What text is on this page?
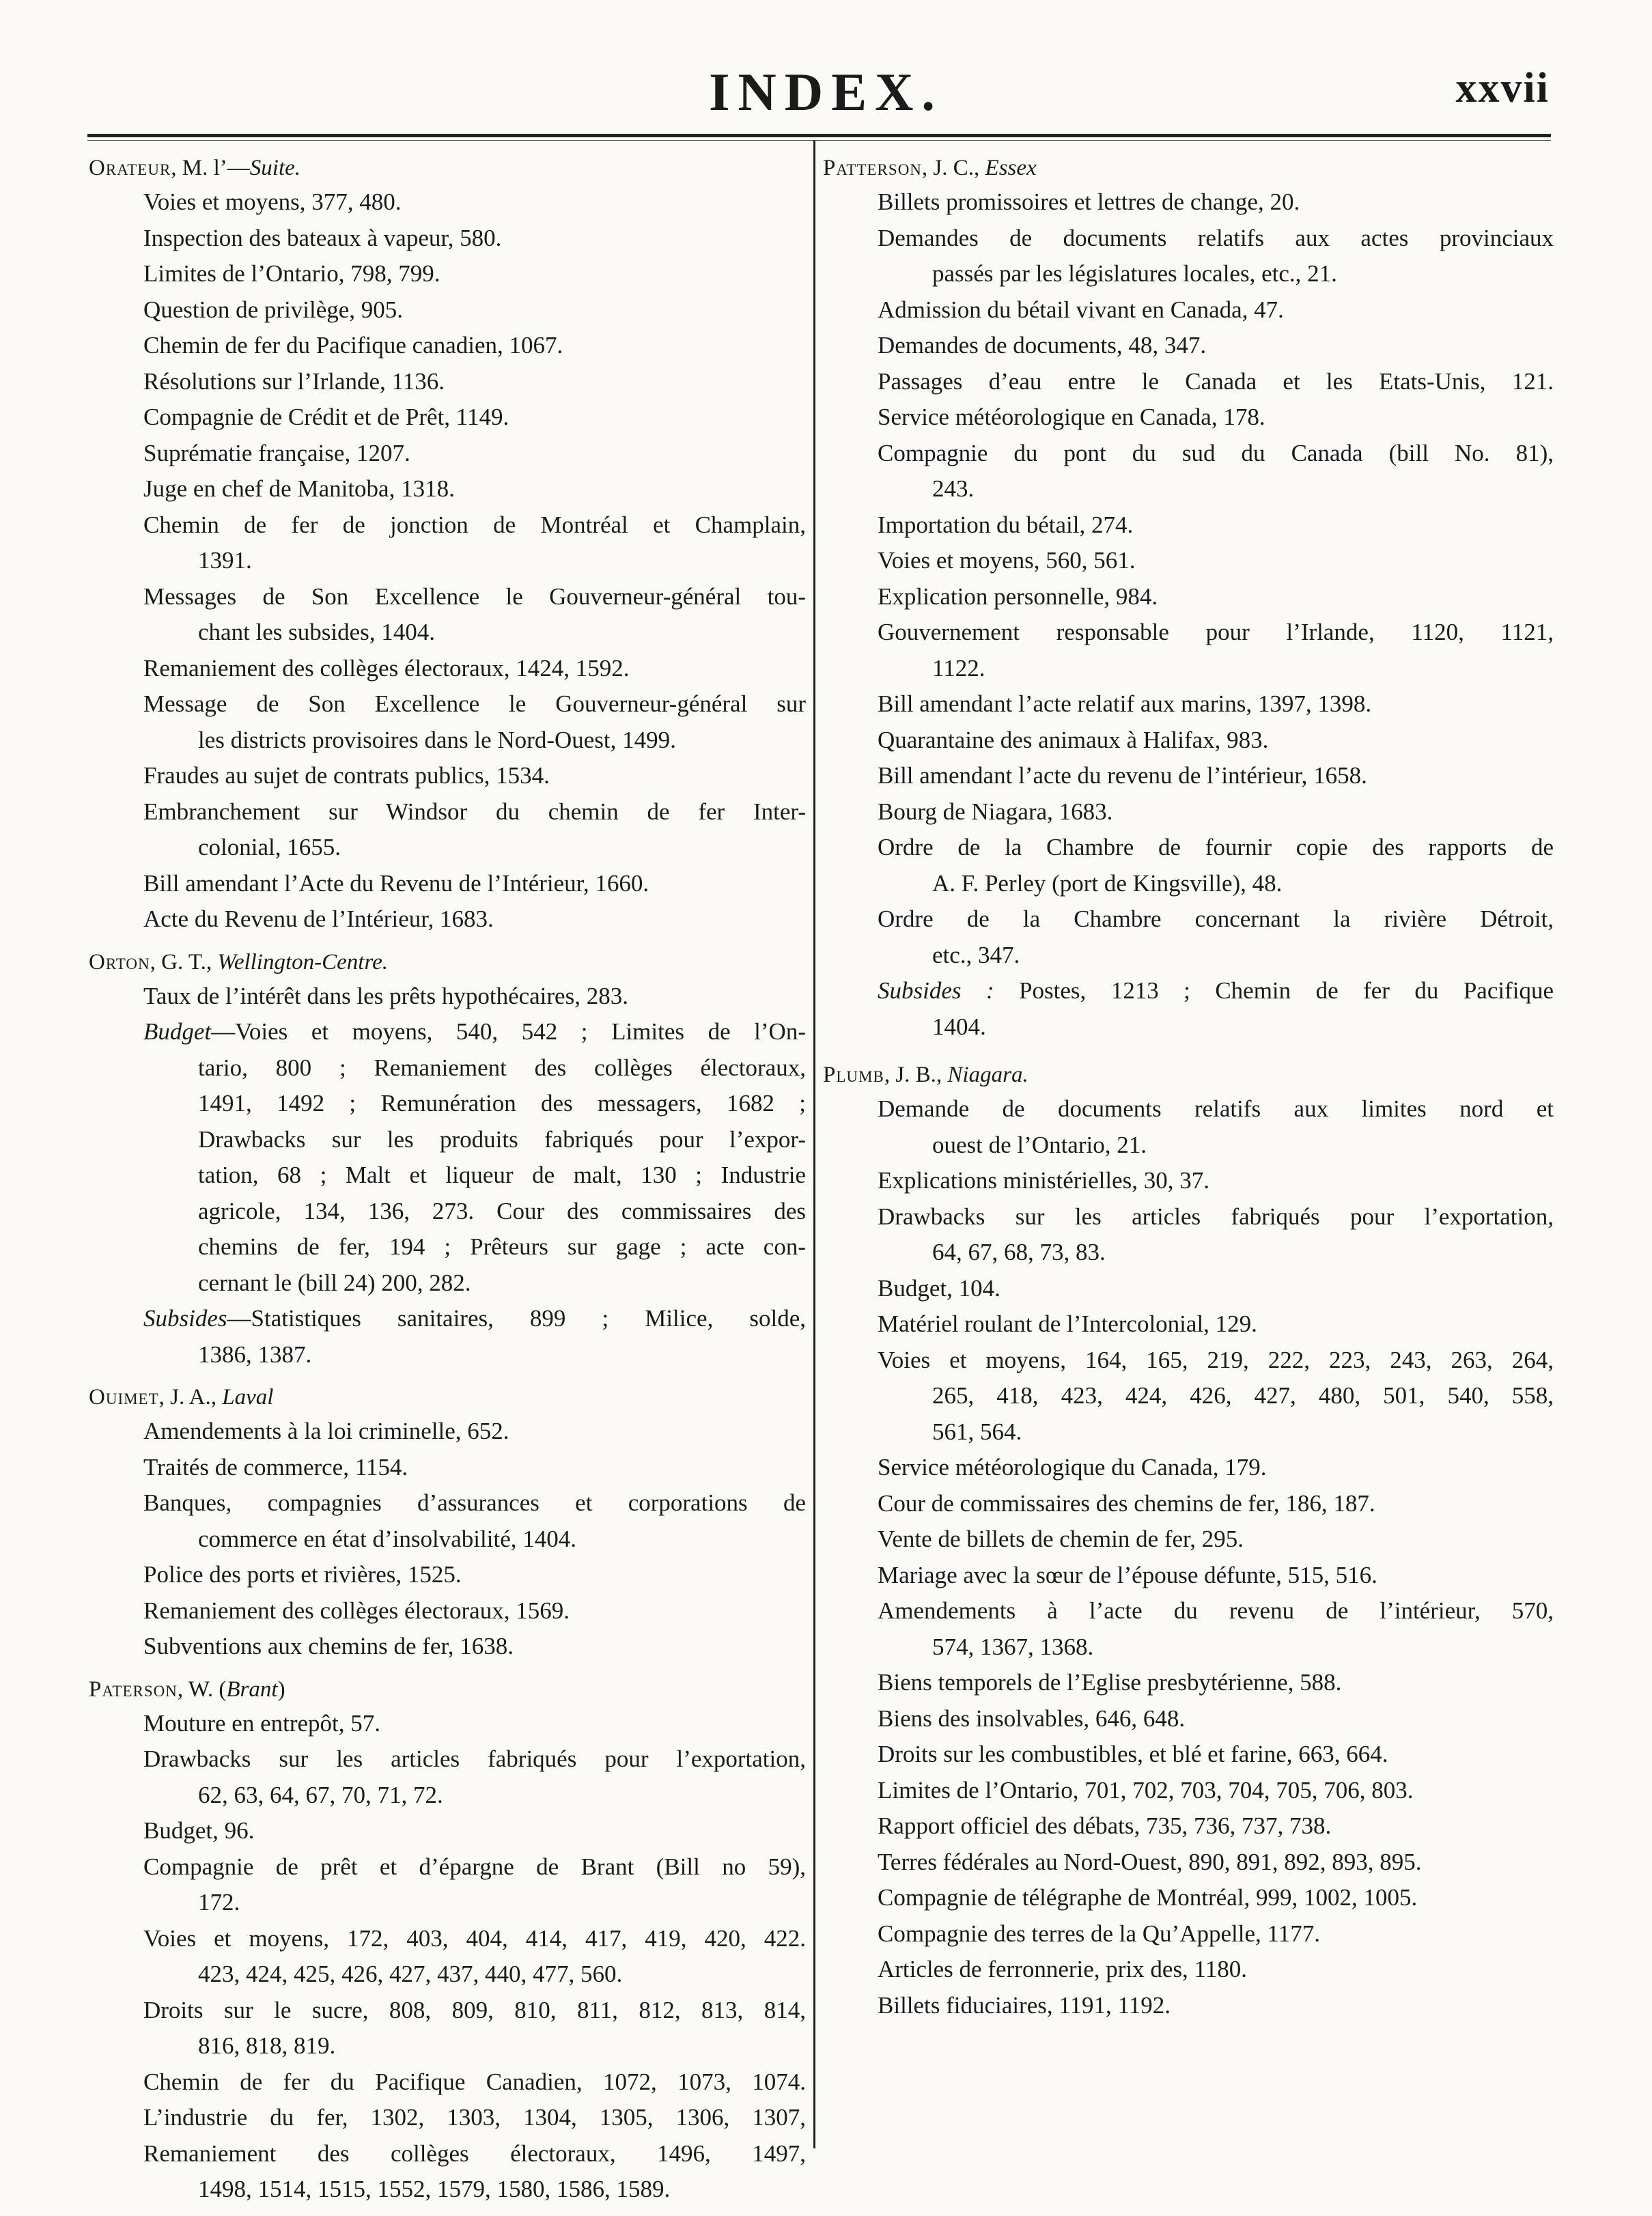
INDEX.	xxvii
Orateur, M. l’—Suite.
Voies et moyens, 377, 480.
Inspection des bateaux à vapeur, 580.
Limites de l’Ontario, 798, 799.
Question de privilège, 905.
Chemin de fer du Pacifique canadien, 1067.
Résolutions sur l’Irlande, 1136.
Compagnie de Crédit et de Prêt, 1149.
Suprématie française, 1207.
Juge en chef de Manitoba, 1318.
Chemin de fer de jonction de Montréal et Champlain,
1391.
Messages de Son Excellence le Gouverneur-général tou-
chant les subsides, 1404.
Remaniement des collèges électoraux, 1424, 1592.
Message de Son Excellence le Gouverneur-général sur
les districts provisoires dans le Nord-Ouest, 1499.
Fraudes au sujet de contrats publics, 1534.
Embranchement sur Windsor du chemin de fer Inter-
colonial, 1655.
Bill amendant l’Acte du Revenu de l’Intérieur, 1660.
Acte du Revenu de l’Intérieur, 1683.
Orton, G. T., Wellington-Centre.
Taux de l’intérêt dans les prêts hypothécaires, 283.
Budget—Voies et moyens, 540, 542 ; Limites de l’On-
tario, 800 ; Remaniement des collèges électoraux,
1491, 1492 ; Remunération des messagers, 1682 ;
Drawbacks sur les produits fabriqués pour l’expor-
tation, 68 ; Malt et liqueur de malt, 130 ; Industrie
agricole, 134, 136, 273. Cour des commissaires des
chemins de fer, 194 ; Prêteurs sur gage ; acte con-
cernant le (bill 24) 200, 282.
Subsides—Statistiques sanitaires, 899 ; Milice, solde,
1386, 1387.
Ouimet, J. A., Laval
Amendements à la loi criminelle, 652.
Traités de commerce, 1154.
Banques, compagnies d’assurances et corporations de
commerce en état d’insolvabilité, 1404.
Police des ports et rivières, 1525.
Remaniement des collèges électoraux, 1569.
Subventions aux chemins de fer, 1638.
Paterson, W. (Brant)
Mouture en entrepôt, 57.
Drawbacks sur les articles fabriqués pour l’exportation,
62, 63, 64, 67, 70, 71, 72.
Budget, 96.
Compagnie de prêt et d’épargne de Brant (Bill no 59),
172.
Voies et moyens, 172, 403, 404, 414, 417, 419, 420, 422.
423, 424, 425, 426, 427, 437, 440, 477, 560.
Droits sur le sucre, 808, 809, 810, 811, 812, 813, 814,
816, 818, 819.
Chemin de fer du Pacifique Canadien, 1072, 1073, 1074.
L’industrie du fer, 1302, 1303, 1304, 1305, 1306, 1307,
Remaniement des collèges électoraux, 1496, 1497,
1498, 1514, 1515, 1552, 1579, 1580, 1586, 1589.
Patterson, J. C., Essex
Billets promissoires et lettres de change, 20.
Demandes de documents relatifs aux actes provinciaux
passés par les législatures locales, etc., 21.
Admission du bétail vivant en Canada, 47.
Demandes de documents, 48, 347.
Passages d’eau entre le Canada et les Etats-Unis, 121.
Service météorologique en Canada, 178.
Compagnie du pont du sud du Canada (bill No. 81),
243.
Importation du bétail, 274.
Voies et moyens, 560, 561.
Explication personnelle, 984.
Gouvernement responsable pour l’Irlande, 1120, 1121,
1122.
Bill amendant l’acte relatif aux marins, 1397, 1398.
Quarantaine des animaux à Halifax, 983.
Bill amendant l’acte du revenu de l’intérieur, 1658.
Bourg de Niagara, 1683.
Ordre de la Chambre de fournir copie des rapports de
A. F. Perley (port de Kingsville), 48.
Ordre de la Chambre concernant la rivière Détroit,
etc., 347.
Subsides : Postes, 1213 ; Chemin de fer du Pacifique
1404.
Plumb, J. B., Niagara.
Demande de documents relatifs aux limites nord et
ouest de l’Ontario, 21.
Explications ministérielles, 30, 37.
Drawbacks sur les articles fabriqués pour l’exportation,
64, 67, 68, 73, 83.
Budget, 104.
Matériel roulant de l’Intercolonial, 129.
Voies et moyens, 164, 165, 219, 222, 223, 243, 263, 264,
265, 418, 423, 424, 426, 427, 480, 501, 540, 558,
561, 564.
Service météorologique du Canada, 179.
Cour de commissaires des chemins de fer, 186, 187.
Vente de billets de chemin de fer, 295.
Mariage avec la sœur de l’épouse défunte, 515, 516.
Amendements à l’acte du revenu de l’intérieur, 570,
574, 1367, 1368.
Biens temporels de l’Eglise presbytérienne, 588.
Biens des insolvables, 646, 648.
Droits sur les combustibles, et blé et farine, 663, 664.
Limites de l’Ontario, 701, 702, 703, 704, 705, 706, 803.
Rapport officiel des débats, 735, 736, 737, 738.
Terres fédérales au Nord-Ouest, 890, 891, 892, 893, 895.
Compagnie de télégraphe de Montréal, 999, 1002, 1005.
Compagnie des terres de la Qu’Appelle, 1177.
Articles de ferronnerie, prix des, 1180.
Billets fiduciaires, 1191, 1192.
